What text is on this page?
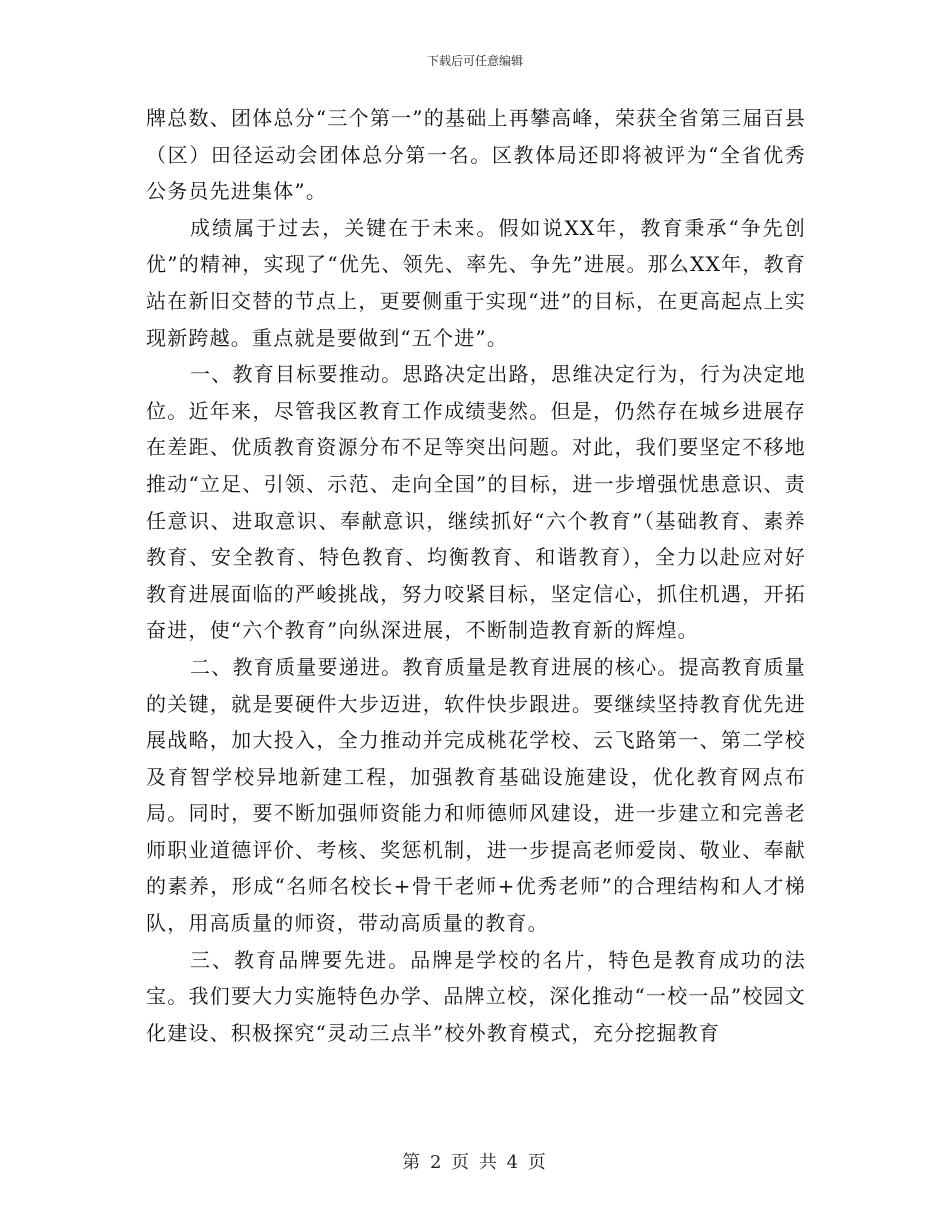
下载后可任意编辑

牌总数、团体总分“三个第一”的基础上再攀高峰，荣获全省第三届百县（区）田径运动会团体总分第一名。区教体局还即将被评为“全省优秀公务员先进集体”。

成绩属于过去，关键在于未来。假如说XX年，教育秉承“争先创优”的精神，实现了“优先、领先、率先、争先”进展。那么XX年，教育站在新旧交替的节点上，更要侧重于实现“进”的目标，在更高起点上实现新跨越。重点就是要做到“五个进”。

一、教育目标要推动。思路决定出路，思维决定行为，行为决定地位。近年来，尽管我区教育工作成绩斐然。但是，仍然存在城乡进展存在差距、优质教育资源分布不足等突出问题。对此，我们要坚定不移地推动“立足、引领、示范、走向全国”的目标，进一步增强忧患意识、责任意识、进取意识、奉献意识，继续抓好“六个教育”（基础教育、素养教育、安全教育、特色教育、均衡教育、和谐教育），全力以赴应对好教育进展面临的严峻挑战，努力咬紧目标，坚定信心，抓住机遇，开拓奋进，使“六个教育”向纵深进展，不断制造教育新的辉煌。

二、教育质量要递进。教育质量是教育进展的核心。提高教育质量的关键，就是要硬件大步迈进，软件快步跟进。要继续坚持教育优先进展战略，加大投入，全力推动并完成桃花学校、云飞路第一、第二学校及育智学校异地新建工程，加强教育基础设施建设，优化教育网点布局。同时，要不断加强师资能力和师德师风建设，进一步建立和完善老师职业道德评价、考核、奖惩机制，进一步提高老师爱岗、敬业、奉献的素养，形成“名师名校长+骨干老师+优秀老师”的合理结构和人才梯队，用高质量的师资，带动高质量的教育。

三、教育品牌要先进。品牌是学校的名片，特色是教育成功的法宝。我们要大力实施特色办学、品牌立校，深化推动“一校一品”校园文化建设、积极探究“灵动三点半”校外教育模式，充分挖掘教育

第 2 页 共 4 页
